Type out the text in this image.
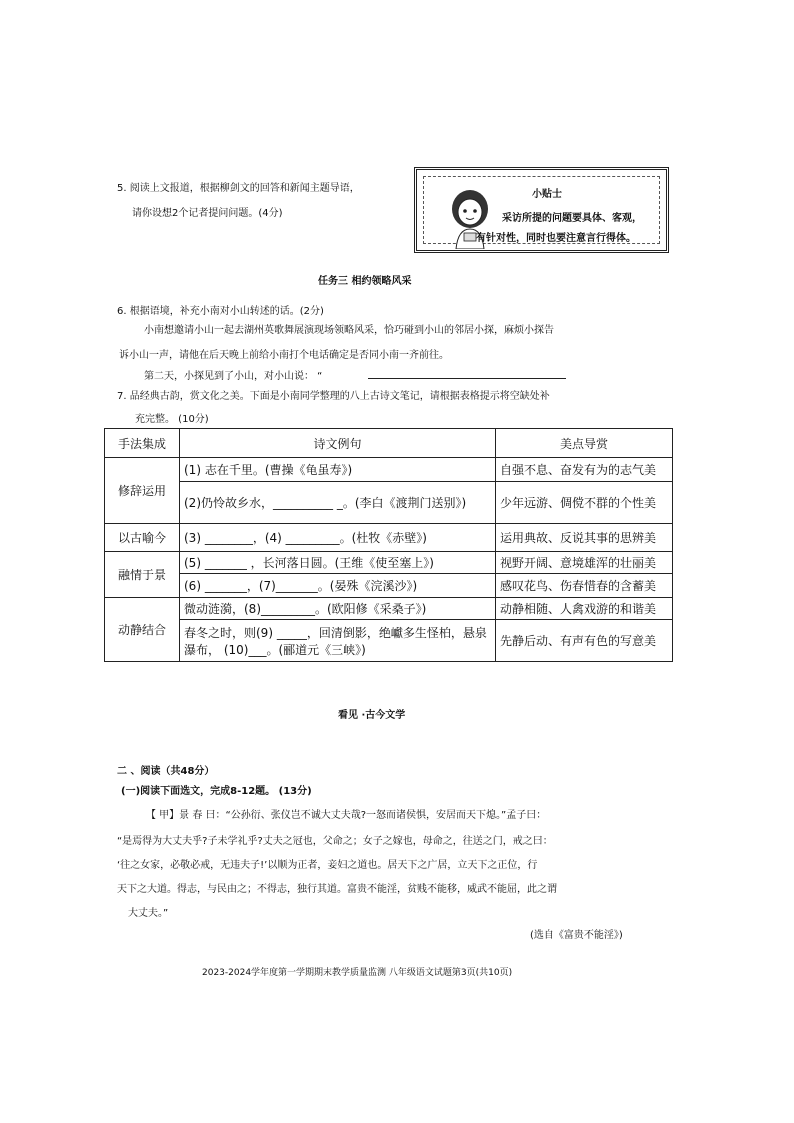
5. 阅读上文报道，根据柳剑文的回答和新闻主题导语，
请你设想2个记者提问问题。(4分)
小贴士
采访所提的问题要具体、客观，
有针对性，同时也要注意言行得体。
任务三 相约领略风采
6. 根据语境，补充小南对小山转述的话。(2分)
小南想邀请小山一起去湖州英歌舞展演现场领略风采，恰巧碰到小山的邻居小探，麻烦小探告
诉小山一声，请他在后天晚上前给小南打个电话确定是否同小南一齐前往。
第二天，小探见到了小山，对小山说： “
7. 品经典古韵，赏文化之美。下面是小南同学整理的八上古诗文笔记，请根据表格提示将空缺处补
充完整。 (10分)
手法集成	诗文例句	美点导赏
修辞运用	(1) 志在千里。(曹操《龟虽寿》)	自强不息、奋发有为的志气美
	(2)仍怜故乡水，__________ _。(李白《渡荆门送别》)	少年远游、倜傥不群的个性美
以古喻今	(3) ________，(4) _________。(杜牧《赤壁》)	运用典故、反说其事的思辨美
融情于景	(5) _______ ，长河落日圆。(王维《使至塞上》)	视野开阔、意境雄浑的壮丽美
	(6) _______，(7)_______。(晏殊《浣溪沙》)	感叹花鸟、伤春惜春的含蓄美
动静结合	微动涟漪，(8)_________。(欧阳修《采桑子》)	动静相随、人禽戏游的和谐美
	春冬之时，则(9) _____，回清倒影，绝巘多生怪柏，悬泉瀑布， (10)___。(郦道元《三峡》)	先静后动、有声有色的写意美
看见 ·古今文学
二 、阅读（共48分）
(一)阅读下面选文，完成8-12题。 (13分)
【 甲】景 春 曰：“公孙衍、张仪岂不诚大丈夫哉?一怒而诸侯惧，安居而天下熄。”孟子曰：
“是焉得为大丈夫乎?子未学礼乎?丈夫之冠也，父命之；女子之嫁也，母命之，往送之门，戒之曰：
‘往之女家，必敬必戒，无违夫子!’以顺为正者，妾妇之道也。居天下之广居，立天下之正位，行
天下之大道。得志，与民由之；不得志，独行其道。富贵不能淫，贫贱不能移，威武不能屈，此之谓
大丈夫。”
(选自《富贵不能淫》)
2023-2024学年度第一学期期末教学质量监测 八年级语文试题第3页(共10页)
